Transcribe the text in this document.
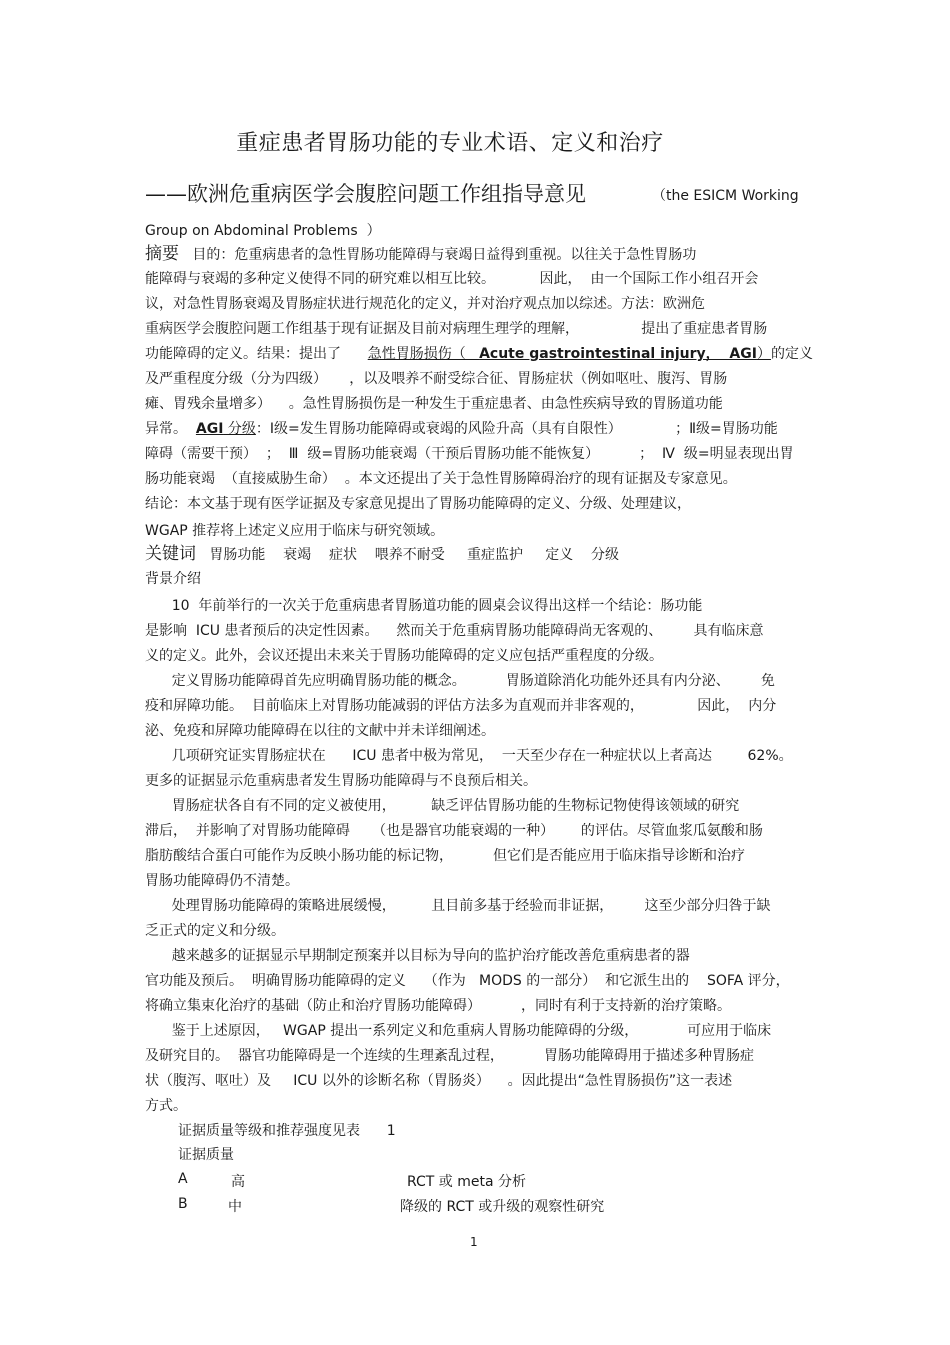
重症患者胃肠功能的专业术语、定义和治疗
——欧洲危重病医学会腹腔问题工作组指导意见	（the ESICM Working
Group on Abdominal Problems  ）
摘要   目的：危重病患者的急性胃肠功能障碍与衰竭日益得到重视。以往关于急性胃肠功
能障碍与衰竭的多种定义使得不同的研究难以相互比较。          因此，  由一个国际工作小组召开会
议，对急性胃肠衰竭及胃肠症状进行规范化的定义，并对治疗观点加以综述。方法：欧洲危
重病医学会腹腔问题工作组基于现有证据及目前对病理生理学的理解，              提出了重症患者胃肠
功能障碍的定义。结果：提出了      急性胃肠损伤（   Acute gastrointestinal injury，  AGI）的定义
及严重程度分级（分为四级）     ，以及喂养不耐受综合征、胃肠症状（例如呕吐、腹泻、胃肠
瘫、胃残余量增多）    。急性胃肠损伤是一种发生于重症患者、由急性疾病导致的胃肠道功能
异常。  AGI 分级：Ⅰ级=发生胃肠功能障碍或衰竭的风险升高（具有自限性）            ；Ⅱ级=胃肠功能
障碍（需要干预）  ；  Ⅲ  级=胃肠功能衰竭（干预后胃肠功能不能恢复）         ；  Ⅳ  级=明显表现出胃
肠功能衰竭  （直接威胁生命）  。本文还提出了关于急性胃肠障碍治疗的现有证据及专家意见。
结论：本文基于现有医学证据及专家意见提出了胃肠功能障碍的定义、分级、处理建议，
WGAP 推荐将上述定义应用于临床与研究领域。
关键词   胃肠功能    衰竭    症状    喂养不耐受     重症监护     定义    分级
背景介绍
10  年前举行的一次关于危重病患者胃肠道功能的圆桌会议得出这样一个结论：肠功能
是影响  ICU 患者预后的决定性因素。    然而关于危重病胃肠功能障碍尚无客观的、       具有临床意
义的定义。此外，会议还提出未来关于胃肠功能障碍的定义应包括严重程度的分级。
定义胃肠功能障碍首先应明确胃肠功能的概念。         胃肠道除消化功能外还具有内分泌、       免
疫和屏障功能。  目前临床上对胃肠功能减弱的评估方法多为直观而并非客观的，            因此，  内分
泌、免疫和屏障功能障碍在以往的文献中并未详细阐述。
几项研究证实胃肠症状在      ICU 患者中极为常见，  一天至少存在一种症状以上者高达        62%。
更多的证据显示危重病患者发生胃肠功能障碍与不良预后相关。
胃肠症状各自有不同的定义被使用，        缺乏评估胃肠功能的生物标记物使得该领域的研究
滞后，  并影响了对胃肠功能障碍     （也是器官功能衰竭的一种）      的评估。尽管血浆瓜氨酸和肠
脂肪酸结合蛋白可能作为反映小肠功能的标记物，         但它们是否能应用于临床指导诊断和治疗
胃肠功能障碍仍不清楚。
处理胃肠功能障碍的策略进展缓慢，        且目前多基于经验而非证据，       这至少部分归咎于缺
乏正式的定义和分级。
越来越多的证据显示早期制定预案并以目标为导向的监护治疗能改善危重病患者的器
官功能及预后。  明确胃肠功能障碍的定义    （作为   MODS 的一部分）  和它派生出的    SOFA 评分，
将确立集束化治疗的基础（防止和治疗胃肠功能障碍）         ，同时有利于支持新的治疗策略。
鉴于上述原因，   WGAP 提出一系列定义和危重病人胃肠功能障碍的分级，           可应用于临床
及研究目的。  器官功能障碍是一个连续的生理紊乱过程，         胃肠功能障碍用于描述多种胃肠症
状（腹泻、呕吐）及     ICU 以外的诊断名称（胃肠炎）    。因此提出“急性胃肠损伤”这一表述
方式。
证据质量等级和推荐强度见表      1
证据质量
A	高	RCT 或 meta 分析
B	中	降级的 RCT 或升级的观察性研究
1
